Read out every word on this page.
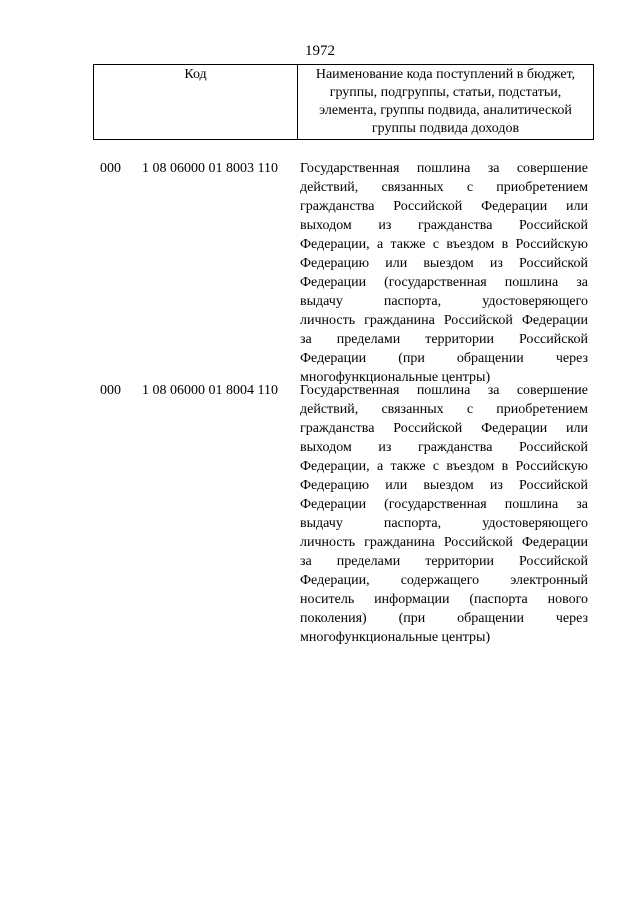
1972
Код	Наименование кода поступлений в бюджет,
группы, подгруппы, статьи, подстатьи,
элемента, группы подвида, аналитической
группы подвида доходов
000 1 08 06000 01 8003 110 Государственная пошлина за совершение
действий, связанных с приобретением
гражданства Российской Федерации или
выходом из гражданства Российской
Федерации, а также с въездом в Российскую
Федерацию или выездом из Российской
Федерации (государственная пошлина за
выдачу паспорта, удостоверяющего
личность гражданина Российской Федерации
за пределами территории Российской
Федерации (при обращении через
многофункциональные центры)
000 1 08 06000 01 8004 110 Государственная пошлина за совершение
действий, связанных с приобретением
гражданства Российской Федерации или
выходом из гражданства Российской
Федерации, а также с въездом в Российскую
Федерацию или выездом из Российской
Федерации (государственная пошлина за
выдачу паспорта, удостоверяющего
личность гражданина Российской Федерации
за пределами территории Российской
Федерации, содержащего электронный
носитель информации (паспорта нового
поколения) (при обращении через
многофункциональные центры)
